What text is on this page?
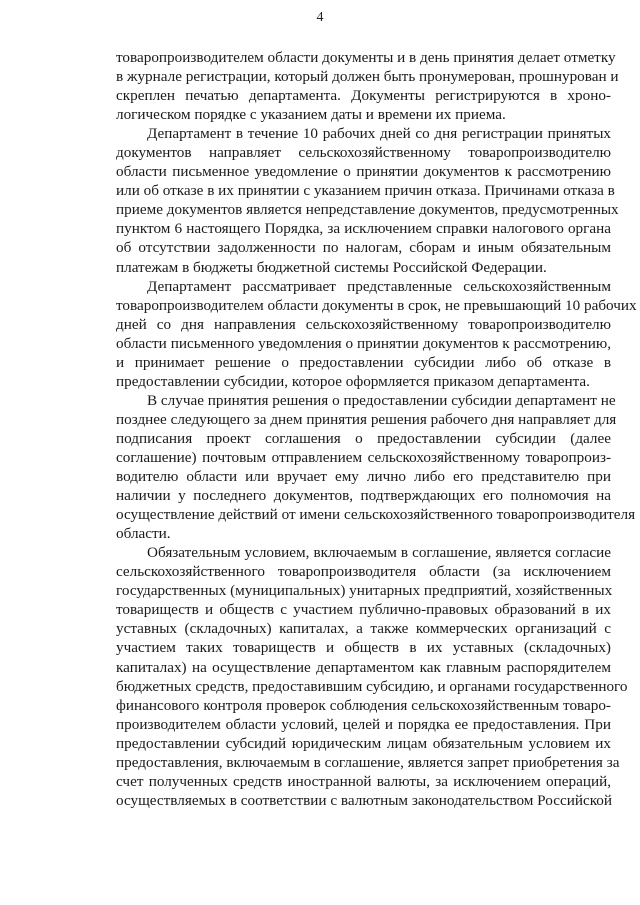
4
товаропроизводителем области документы и в день принятия делает отметку
в журнале регистрации, который должен быть пронумерован, прошнурован и
скреплен печатью департамента. Документы регистрируются в хроно-
логическом порядке с указанием даты и времени их приема.
Департамент в течение 10 рабочих дней со дня регистрации принятых
документов направляет сельскохозяйственному товаропроизводителю
области письменное уведомление о принятии документов к рассмотрению
или об отказе в их принятии с указанием причин отказа. Причинами отказа в
приеме документов является непредставление документов, предусмотренных
пунктом 6 настоящего Порядка, за исключением справки налогового органа
об отсутствии задолженности по налогам, сборам и иным обязательным
платежам в бюджеты бюджетной системы Российской Федерации.
Департамент рассматривает представленные сельскохозяйственным
товаропроизводителем области документы в срок, не превышающий 10 рабочих
дней со дня направления сельскохозяйственному товаропроизводителю
области письменного уведомления о принятии документов к рассмотрению,
и принимает решение о предоставлении субсидии либо об отказе в
предоставлении субсидии, которое оформляется приказом департамента.
В случае принятия решения о предоставлении субсидии департамент не
позднее следующего за днем принятия решения рабочего дня направляет для
подписания проект соглашения о предоставлении субсидии (далее
соглашение) почтовым отправлением сельскохозяйственному товаропроиз-
водителю области или вручает ему лично либо его представителю при
наличии у последнего документов, подтверждающих его полномочия на
осуществление действий от имени сельскохозяйственного товаропроизводителя
области.
Обязательным условием, включаемым в соглашение, является согласие
сельскохозяйственного товаропроизводителя области (за исключением
государственных (муниципальных) унитарных предприятий, хозяйственных
товариществ и обществ с участием публично-правовых образований в их
уставных (складочных) капиталах, а также коммерческих организаций с
участием таких товариществ и обществ в их уставных (складочных)
капиталах) на осуществление департаментом как главным распорядителем
бюджетных средств, предоставившим субсидию, и органами государственного
финансового контроля проверок соблюдения сельскохозяйственным товаро-
производителем области условий, целей и порядка ее предоставления. При
предоставлении субсидий юридическим лицам обязательным условием их
предоставления, включаемым в соглашение, является запрет приобретения за
счет полученных средств иностранной валюты, за исключением операций,
осуществляемых в соответствии с валютным законодательством Российской
